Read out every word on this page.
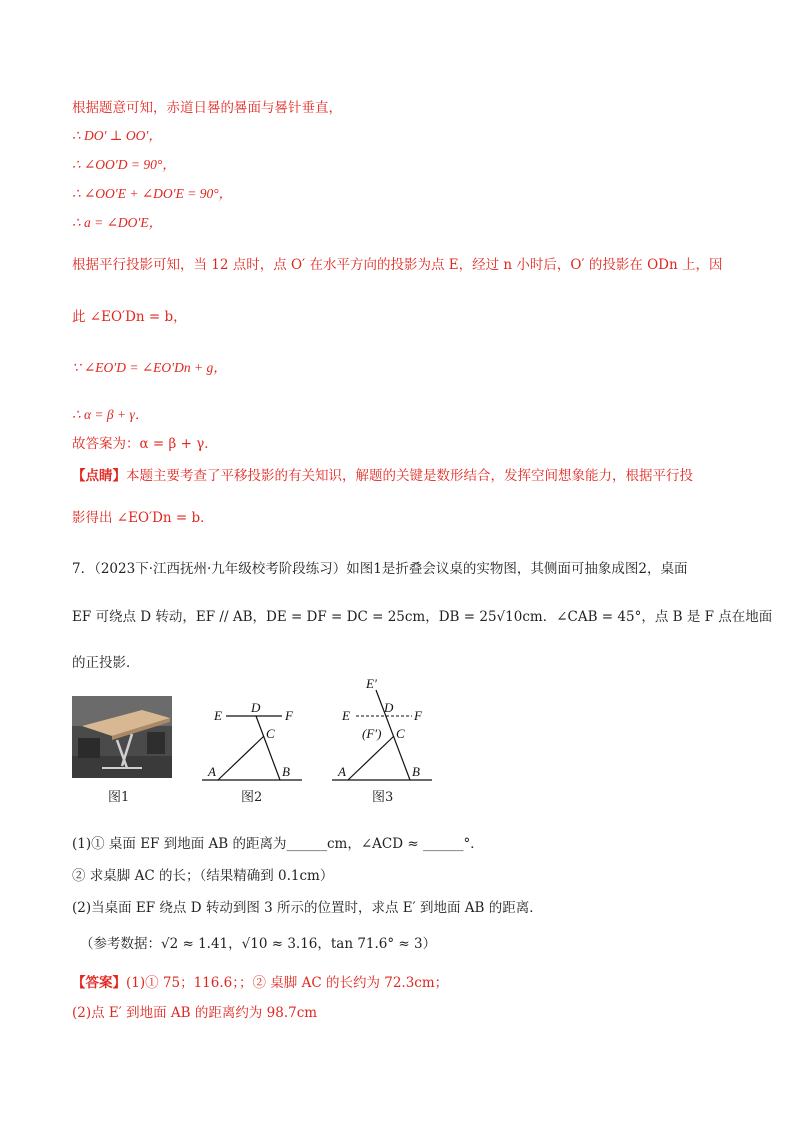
根据题意可知，赤道日晷的晷面与晷针垂直，
∴ DO′ ⊥ OO′，
∴ ∠OO′D = 90°，
∴ ∠OO′E + ∠DO′E = 90°，
∴ a = ∠DO′E，
根据平行投影可知，当 12 点时，点 O′ 在水平方向的投影为点 E，经过 n 小时后，O′ 的投影在 ODn 上，因
此 ∠EO′Dn = b，
∵ ∠EO′D = ∠EO′Dn + g，
∴ α = β + γ．
故答案为：α = β + γ．
【点睛】本题主要考查了平移投影的有关知识，解题的关键是数形结合，发挥空间想象能力，根据平行投
影得出 ∠EO′Dn = b．
7．（2023下·江西抚州·九年级校考阶段练习）如图1是折叠会议桌的实物图，其侧面可抽象成图2，桌面
EF 可绕点 D 转动，EF // AB，DE = DF = DC = 25cm，DB = 25√10cm．∠CAB = 45°，点 B 是 F 点在地面
的正投影．
图1
E
D
F
C
A	B
图2
E′
D
E	F
(F′) C
A	B
图3
(1)① 桌面 EF 到地面 AB 的距离为______cm，∠ACD ≈ ______°．
② 求桌脚 AC 的长；（结果精确到 0.1cm）
(2)当桌面 EF 绕点 D 转动到图 3 所示的位置时，求点 E′ 到地面 AB 的距离．
（参考数据：√2 ≈ 1.41，√10 ≈ 3.16，tan 71.6° ≈ 3）
【答案】(1)① 75；116.6；；② 桌脚 AC 的长约为 72.3cm；
(2)点 E′ 到地面 AB 的距离约为 98.7cm
